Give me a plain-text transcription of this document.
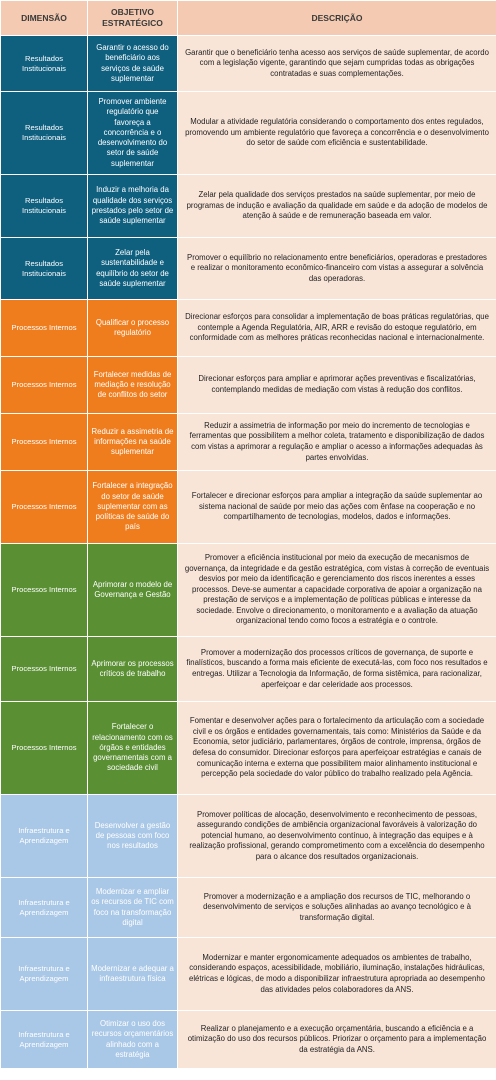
DIMENSÃO	OBJETIVO ESTRATÉGICO	DESCRIÇÃO
Resultados Institucionais	Garantir o acesso do beneficiário aos serviços de saúde suplementar	Garantir que o beneficiário tenha acesso aos serviços de saúde suplementar, de acordo com a legislação vigente, garantindo que sejam cumpridas todas as obrigações contratadas e suas complementações.
Resultados Institucionais	Promover ambiente regulatório que favoreça a concorrência e o desenvolvimento do setor de saúde suplementar	Modular a atividade regulatória considerando o comportamento dos entes regulados, promovendo um ambiente regulatório que favoreça a concorrência e o desenvolvimento do setor de saúde com eficiência e sustentabilidade.
Resultados Institucionais	Induzir a melhoria da qualidade dos serviços prestados pelo setor de saúde suplementar	Zelar pela qualidade dos serviços prestados na saúde suplementar, por meio de programas de indução e avaliação da qualidade em saúde e da adoção de modelos de atenção à saúde e de remuneração baseada em valor.
Resultados Institucionais	Zelar pela sustentabilidade e equilíbrio do setor de saúde suplementar	Promover o equilíbrio no relacionamento entre beneficiários, operadoras e prestadores e realizar o monitoramento econômico-financeiro com vistas a assegurar a solvência das operadoras.
Processos Internos	Qualificar o processo regulatório	Direcionar esforços para consolidar a implementação de boas práticas regulatórias, que contemple a Agenda Regulatória, AIR, ARR e revisão do estoque regulatório, em conformidade com as melhores práticas reconhecidas nacional e internacionalmente.
Processos Internos	Fortalecer medidas de mediação e resolução de conflitos do setor	Direcionar esforços para ampliar e aprimorar ações preventivas e fiscalizatórias, contemplando medidas de mediação com vistas à redução dos conflitos.
Processos Internos	Reduzir a assimetria de informações na saúde suplementar	Reduzir a assimetria de informação por meio do incremento de tecnologias e ferramentas que possibilitem a melhor coleta, tratamento e disponibilização de dados com vistas a aprimorar a regulação e ampliar o acesso a informações adequadas às partes envolvidas.
Processos Internos	Fortalecer a integração do setor de saúde suplementar com as políticas de saúde do país	Fortalecer e direcionar esforços para ampliar a integração da saúde suplementar ao sistema nacional de saúde por meio das ações com ênfase na cooperação e no compartilhamento de tecnologias, modelos, dados e informações.
Processos Internos	Aprimorar o modelo de Governança e Gestão	Promover a eficiência institucional por meio da execução de mecanismos de governança, da integridade e da gestão estratégica, com vistas à correção de eventuais desvios por meio da identificação e gerenciamento dos riscos inerentes a esses processos. Deve-se aumentar a capacidade corporativa de apoiar a organização na prestação de serviços e a implementação de políticas públicas e interesse da sociedade. Envolve o direcionamento, o monitoramento e a avaliação da atuação organizacional tendo como focos a estratégia e o controle.
Processos Internos	Aprimorar os processos críticos de trabalho	Promover a modernização dos processos críticos de governança, de suporte e finalísticos, buscando a forma mais eficiente de executá-las, com foco nos resultados e entregas. Utilizar a Tecnologia da Informação, de forma sistêmica, para racionalizar, aperfeiçoar e dar celeridade aos processos.
Processos Internos	Fortalecer o relacionamento com os órgãos e entidades governamentais com a sociedade civil	Fomentar e desenvolver ações para o fortalecimento da articulação com a sociedade civil e os órgãos e entidades governamentais, tais como: Ministérios da Saúde e da Economia, setor judiciário, parlamentares, órgãos de controle, imprensa, órgãos de defesa do consumidor. Direcionar esforços para aperfeiçoar estratégias e canais de comunicação interna e externa que possibilitem maior alinhamento institucional e percepção pela sociedade do valor público do trabalho realizado pela Agência.
Infraestrutura e Aprendizagem	Desenvolver a gestão de pessoas com foco nos resultados	Promover políticas de alocação, desenvolvimento e reconhecimento de pessoas, assegurando condições de ambiência organizacional favoráveis à valorização do potencial humano, ao desenvolvimento contínuo, à integração das equipes e à realização profissional, gerando comprometimento com a excelência do desempenho para o alcance dos resultados organizacionais.
Infraestrutura e Aprendizagem	Modernizar e ampliar os recursos de TIC com foco na transformação digital	Promover a modernização e a ampliação dos recursos de TIC, melhorando o desenvolvimento de serviços e soluções alinhadas ao avanço tecnológico e à transformação digital.
Infraestrutura e Aprendizagem	Modernizar e adequar a infraestrutura física	Modernizar e manter ergonomicamente adequados os ambientes de trabalho, considerando espaços, acessibilidade, mobiliário, iluminação, instalações hidráulicas, elétricas e lógicas, de modo a disponibilizar infraestrutura apropriada ao desempenho das atividades pelos colaboradores da ANS.
Infraestrutura e Aprendizagem	Otimizar o uso dos recursos orçamentários alinhado com a estratégia	Realizar o planejamento e a execução orçamentária, buscando a eficiência e a otimização do uso dos recursos públicos. Priorizar o orçamento para a implementação da estratégia da ANS.
